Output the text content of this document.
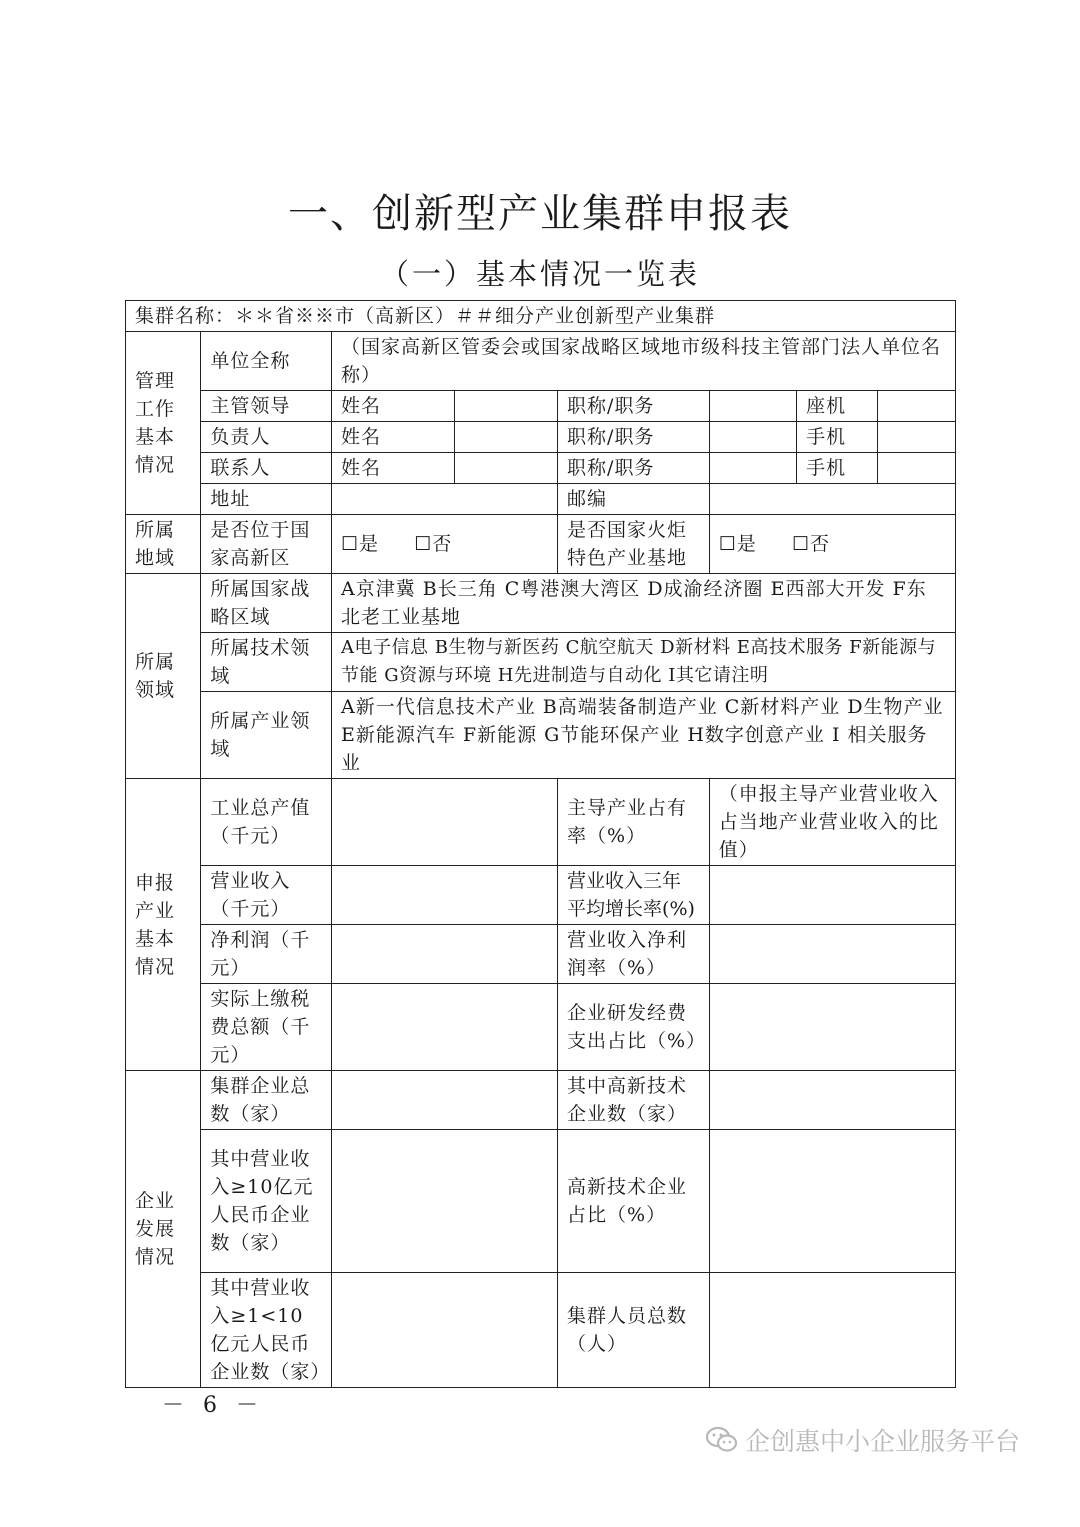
一、创新型产业集群申报表
（一）基本情况一览表
集群名称：＊＊省※※市（高新区）＃＃细分产业创新型产业集群							

管理工作基本情况	单位全称	（国家高新区管委会或国家战略区域地市级科技主管部门法人单位名称）					
	主管领导	姓名		职称/职务		座机	
	负责人	姓名		职称/职务		手机	
	联系人	姓名		职称/职务		手机	
	地址			邮编			

所属地域	是否位于国家高新区	☐是 ☐否		是否国家火炬特色产业基地	☐是 ☐否		

所属领域	所属国家战略区域	A京津冀 B长三角 C粤港澳大湾区 D成渝经济圈 E西部大开发 F东北老工业基地					
	所属技术领域	A电子信息 B生物与新医药 C航空航天 D新材料 E高技术服务 F新能源与节能 G资源与环境 H先进制造与自动化 I其它请注明					
	所属产业领域	A新一代信息技术产业 B高端装备制造产业 C新材料产业 D生物产业 E新能源汽车 F新能源 G节能环保产业 H数字创意产业 I 相关服务业					

申报产业基本情况	工业总产值（千元）			主导产业占有率（%）	（申报主导产业营业收入占当地产业营业收入的比值）		
	营业收入（千元）			营业收入三年平均增长率(%)			
	净利润（千元）			营业收入净利润率（%）			
	实际上缴税费总额（千元）			企业研发经费支出占比（%）			

企业发展情况	集群企业总数（家）			其中高新技术企业数（家）			
	其中营业收入≥10亿元人民币企业数（家）			高新技术企业占比（%）			
	其中营业收入≥1<10亿元人民币企业数（家）			集群人员总数（人）			
－ 6 －
企创惠中小企业服务平台
